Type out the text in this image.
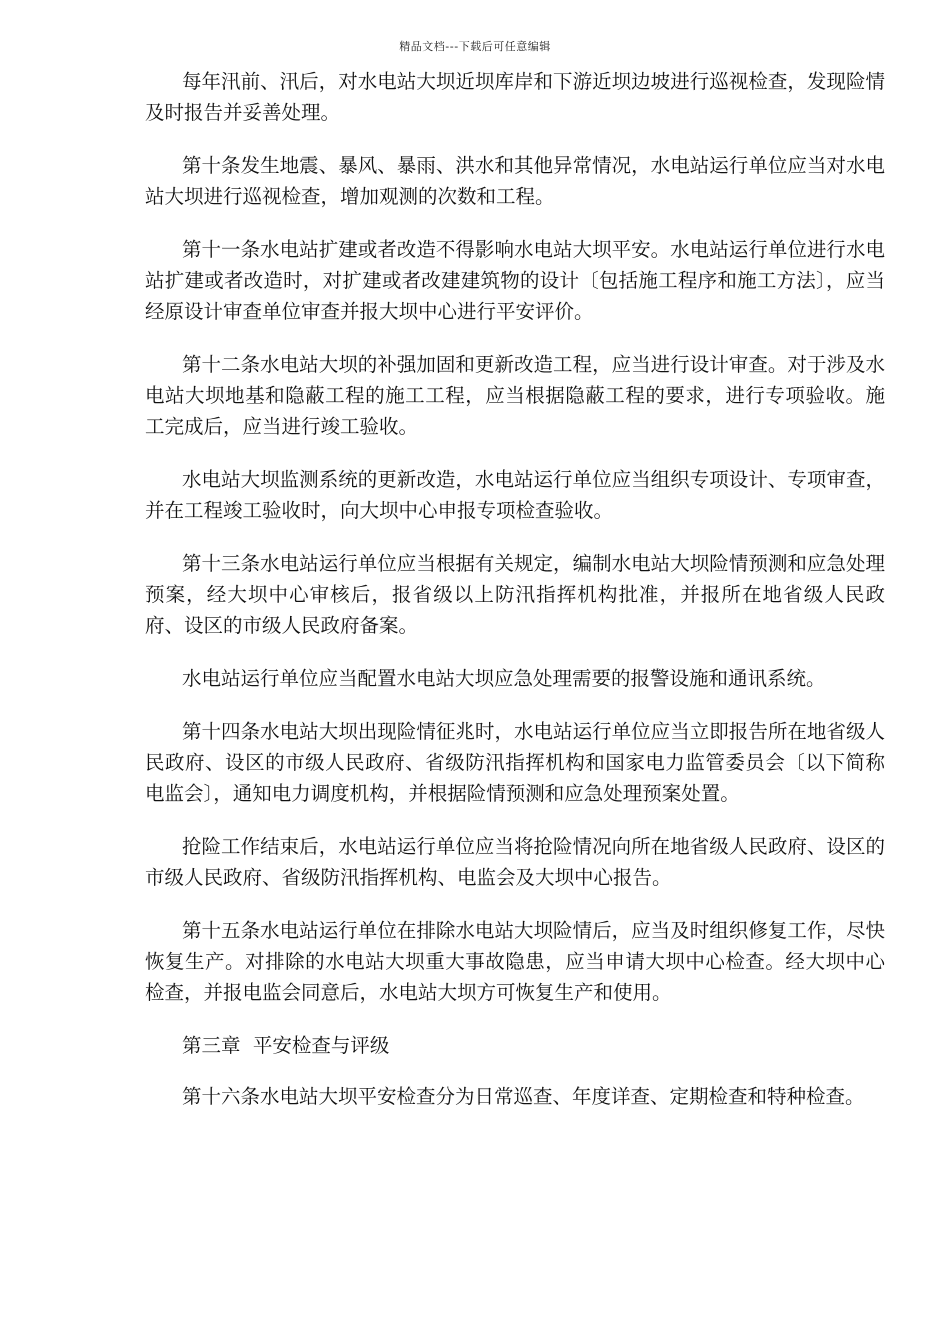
精品文档---下载后可任意编辑

每年汛前、汛后，对水电站大坝近坝库岸和下游近坝边坡进行巡视检查，发现险情及时报告并妥善处理。

第十条发生地震、暴风、暴雨、洪水和其他异常情况，水电站运行单位应当对水电站大坝进行巡视检查，增加观测的次数和工程。

第十一条水电站扩建或者改造不得影响水电站大坝平安。水电站运行单位进行水电站扩建或者改造时，对扩建或者改建建筑物的设计〔包括施工程序和施工方法〕，应当经原设计审查单位审查并报大坝中心进行平安评价。

第十二条水电站大坝的补强加固和更新改造工程，应当进行设计审查。对于涉及水电站大坝地基和隐蔽工程的施工工程，应当根据隐蔽工程的要求，进行专项验收。施工完成后，应当进行竣工验收。

水电站大坝监测系统的更新改造，水电站运行单位应当组织专项设计、专项审查，并在工程竣工验收时，向大坝中心申报专项检查验收。

第十三条水电站运行单位应当根据有关规定，编制水电站大坝险情预测和应急处理预案，经大坝中心审核后，报省级以上防汛指挥机构批准，并报所在地省级人民政府、设区的市级人民政府备案。

水电站运行单位应当配置水电站大坝应急处理需要的报警设施和通讯系统。

第十四条水电站大坝出现险情征兆时，水电站运行单位应当立即报告所在地省级人民政府、设区的市级人民政府、省级防汛指挥机构和国家电力监管委员会〔以下简称电监会〕，通知电力调度机构，并根据险情预测和应急处理预案处置。

抢险工作结束后，水电站运行单位应当将抢险情况向所在地省级人民政府、设区的市级人民政府、省级防汛指挥机构、电监会及大坝中心报告。

第十五条水电站运行单位在排除水电站大坝险情后，应当及时组织修复工作，尽快恢复生产。对排除的水电站大坝重大事故隐患，应当申请大坝中心检查。经大坝中心检查，并报电监会同意后，水电站大坝方可恢复生产和使用。

第三章  平安检查与评级

第十六条水电站大坝平安检查分为日常巡查、年度详查、定期检查和特种检查。
